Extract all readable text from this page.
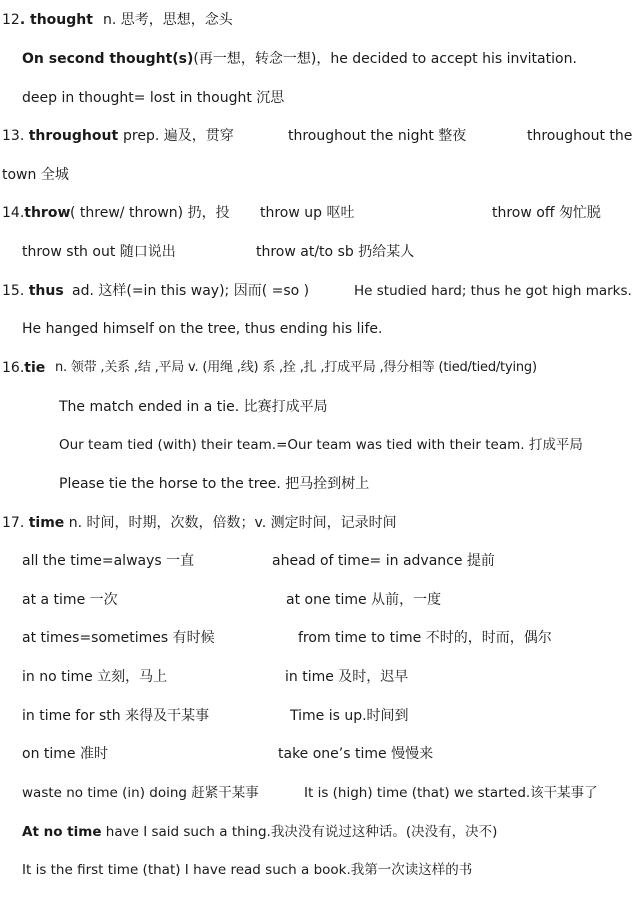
12. thought n. 思考，思想，念头
On second thought(s)(再一想，转念一想)，he decided to accept his invitation.
deep in thought= lost in thought 沉思
13. throughout prep. 遍及，贯穿	throughout the night 整夜	throughout the
town 全城
14.throw ( threw/ thrown) 扔，投 throw up 呕吐	throw off 匆忙脱
throw sth out 随口说出	throw at/to sb 扔给某人
15. thus ad. 这样(=in this way); 因而( =so )	He studied hard; thus he got high marks.
He hanged himself on the tree, thus ending his life.
16.tie n. 领带 ,关系 ,结 ,平局 v. (用绳 ,线) 系 ,拴 ,扎 ,打成平局 ,得分相等 (tied/tied/tying)
The match ended in a tie. 比赛打成平局
Our team tied (with) their team.=Our team was tied with their team. 打成平局
Please tie the horse to the tree. 把马拴到树上
17. time n. 时间，时期，次数，倍数；v. 测定时间，记录时间
all the time=always 一直	ahead of time= in advance 提前
at a time 一次	at one time 从前，一度
at times=sometimes 有时候	from time to time 不时的，时而，偶尔
in no time 立刻，马上	in time 及时，迟早
in time for sth 来得及干某事	Time is up.时间到
on time 准时	take one’s time 慢慢来
waste no time (in) doing 赶紧干某事	It is (high) time (that) we started.该干某事了
At no time have I said such a thing.我决没有说过这种话。(决没有，决不)
It is the first time (that) I have read such a book.我第一次读这样的书
